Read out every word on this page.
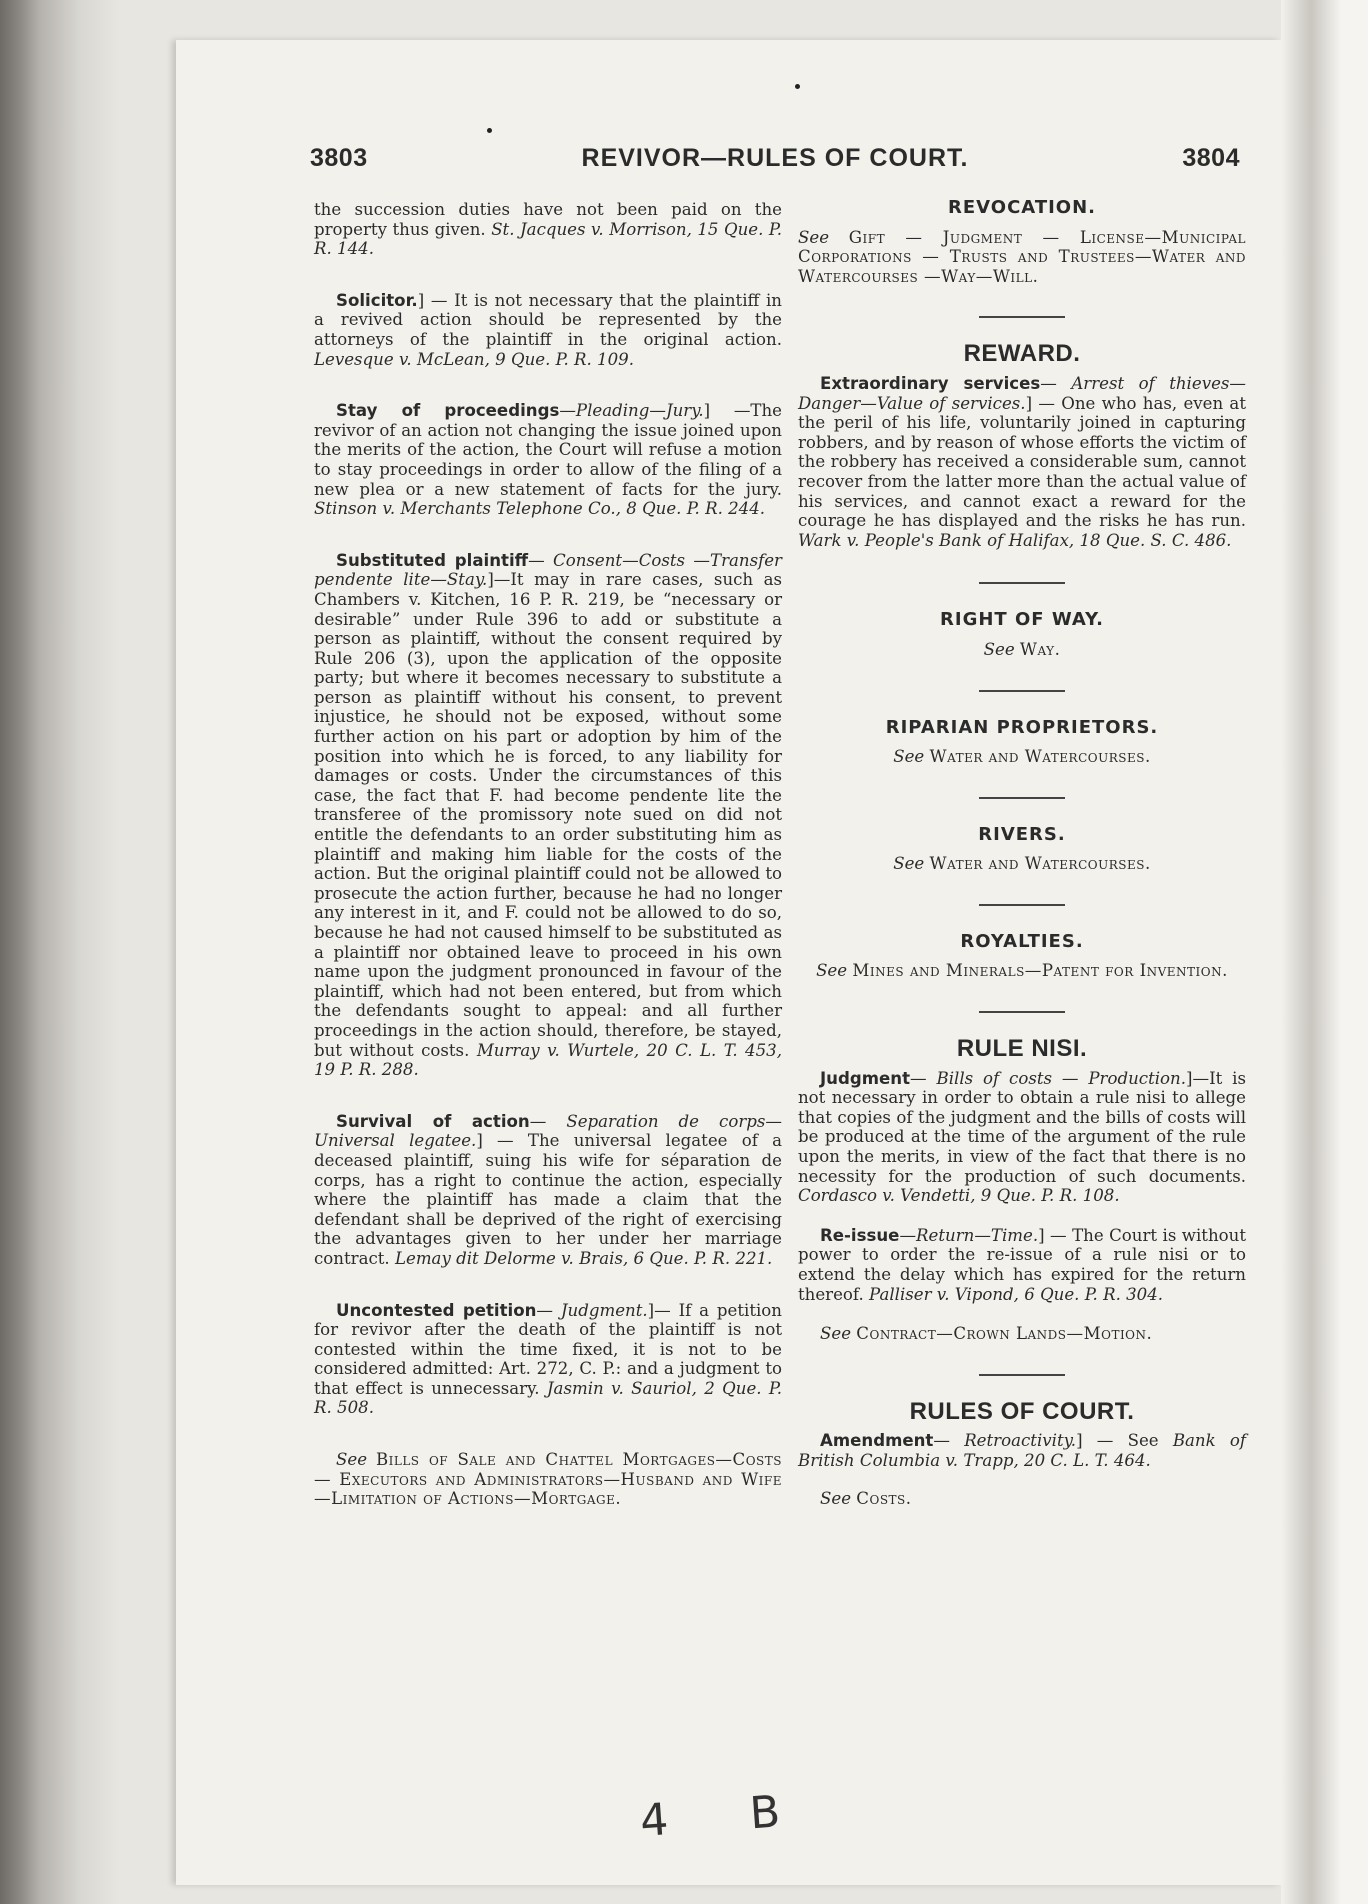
3803	REVIVOR—RULES OF COURT.	3804

the succession duties have not been paid on the property thus given. St. Jacques v. Morrison, 15 Que. P. R. 144.

Solicitor.] — It is not necessary that the plaintiff in a revived action should be represented by the attorneys of the plaintiff in the original action. Levesque v. McLean, 9 Que. P. R. 109.

Stay of proceedings—Pleading—Jury.] —The revivor of an action not changing the issue joined upon the merits of the action, the Court will refuse a motion to stay proceedings in order to allow of the filing of a new plea or a new statement of facts for the jury. Stinson v. Merchants Telephone Co., 8 Que. P. R. 244.

Substituted plaintiff— Consent—Costs —Transfer pendente lite—Stay.]—It may in rare cases, such as Chambers v. Kitchen, 16 P. R. 219, be “necessary or desirable” under Rule 396 to add or substitute a person as plaintiff, without the consent required by Rule 206 (3), upon the application of the opposite party; but where it becomes necessary to substitute a person as plaintiff without his consent, to prevent injustice, he should not be exposed, without some further action on his part or adoption by him of the position into which he is forced, to any liability for damages or costs. Under the circumstances of this case, the fact that F. had become pendente lite the transferee of the promissory note sued on did not entitle the defendants to an order substituting him as plaintiff and making him liable for the costs of the action. But the original plaintiff could not be allowed to prosecute the action further, because he had no longer any interest in it, and F. could not be allowed to do so, because he had not caused himself to be substituted as a plaintiff nor obtained leave to proceed in his own name upon the judgment pronounced in favour of the plaintiff, which had not been entered, but from which the defendants sought to appeal: and all further proceedings in the action should, therefore, be stayed, but without costs. Murray v. Wurtele, 20 C. L. T. 453, 19 P. R. 288.

Survival of action— Separation de corps—Universal legatee.] — The universal legatee of a deceased plaintiff, suing his wife for séparation de corps, has a right to continue the action, especially where the plaintiff has made a claim that the defendant shall be deprived of the right of exercising the advantages given to her under her marriage contract. Lemay dit Delorme v. Brais, 6 Que. P. R. 221.

Uncontested petition— Judgment.]— If a petition for revivor after the death of the plaintiff is not contested within the time fixed, it is not to be considered admitted: Art. 272, C. P.: and a judgment to that effect is unnecessary. Jasmin v. Sauriol, 2 Que. P. R. 508.

See Bills of Sale and Chattel Mortgages—Costs — Executors and Administrators—Husband and Wife—Limitation of Actions—Mortgage.

REVOCATION.

See Gift — Judgment — License—Municipal Corporations — Trusts and Trustees—Water and Watercourses —Way—Will.

REWARD.

Extraordinary services— Arrest of thieves—Danger—Value of services.] — One who has, even at the peril of his life, voluntarily joined in capturing robbers, and by reason of whose efforts the victim of the robbery has received a considerable sum, cannot recover from the latter more than the actual value of his services, and cannot exact a reward for the courage he has displayed and the risks he has run. Wark v. People's Bank of Halifax, 18 Que. S. C. 486.

RIGHT OF WAY.

See Way.

RIPARIAN PROPRIETORS.

See Water and Watercourses.

RIVERS.

See Water and Watercourses.

ROYALTIES.

See Mines and Minerals—Patent for Invention.

RULE NISI.

Judgment— Bills of costs — Production.]—It is not necessary in order to obtain a rule nisi to allege that copies of the judgment and the bills of costs will be produced at the time of the argument of the rule upon the merits, in view of the fact that there is no necessity for the production of such documents. Cordasco v. Vendetti, 9 Que. P. R. 108.

Re-issue—Return—Time.] — The Court is without power to order the re-issue of a rule nisi or to extend the delay which has expired for the return thereof. Palliser v. Vipond, 6 Que. P. R. 304.

See Contract—Crown Lands—Motion.

RULES OF COURT.

Amendment— Retroactivity.] — See Bank of British Columbia v. Trapp, 20 C. L. T. 464.

See Costs.

4 B
